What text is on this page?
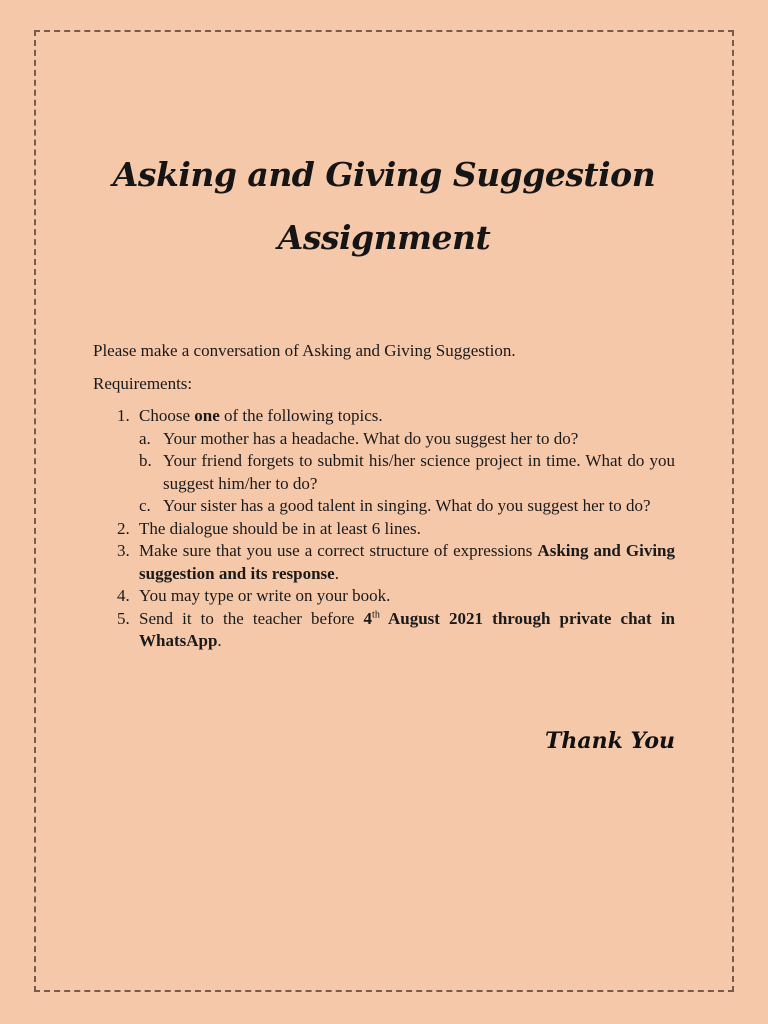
Asking and Giving Suggestion
Assignment

Please make a conversation of Asking and Giving Suggestion.

Requirements:

1. Choose one of the following topics.
a. Your mother has a headache. What do you suggest her to do?
b. Your friend forgets to submit his/her science project in time. What do you suggest him/her to do?
c. Your sister has a good talent in singing. What do you suggest her to do?
2. The dialogue should be in at least 6 lines.
3. Make sure that you use a correct structure of expressions Asking and Giving suggestion and its response.
4. You may type or write on your book.
5. Send it to the teacher before 4th August 2021 through private chat in WhatsApp.
Thank You
